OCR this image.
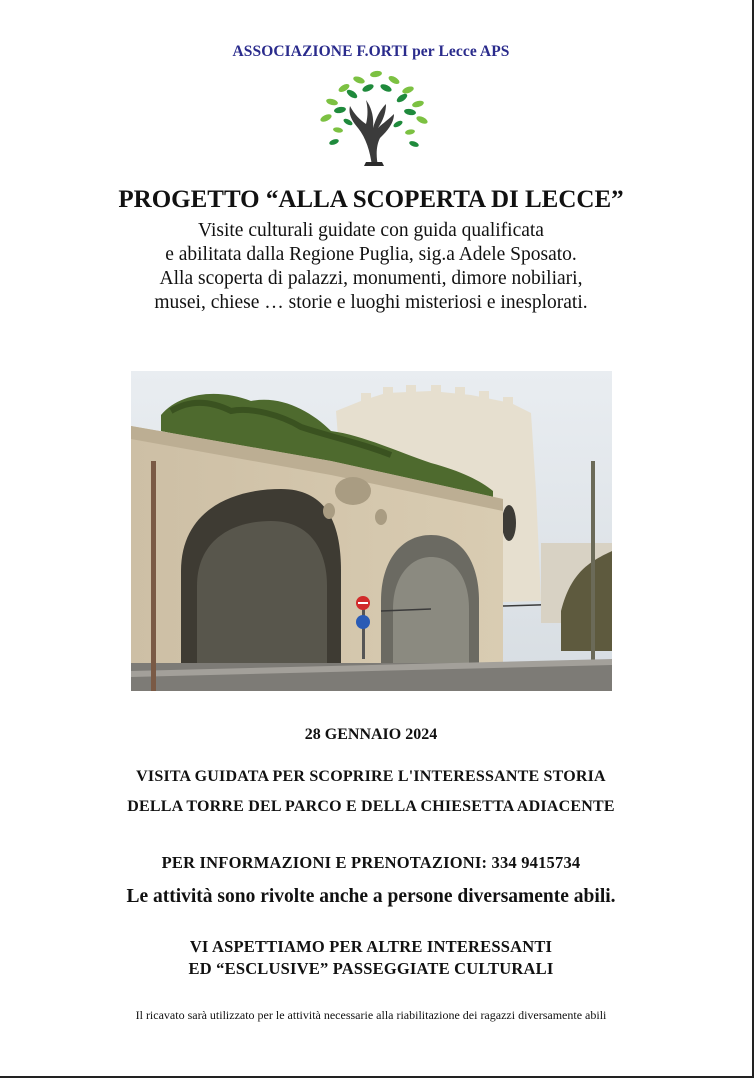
ASSOCIAZIONE F.ORTI per Lecce APS
PROGETTO “ALLA SCOPERTA DI LECCE”
Visite culturali guidate con guida qualificata
e abilitata dalla Regione Puglia, sig.a Adele Sposato.
Alla scoperta di palazzi, monumenti, dimore nobiliari,
musei, chiese … storie e luoghi misteriosi e inesplorati.
28 GENNAIO 2024
VISITA GUIDATA PER SCOPRIRE L'INTERESSANTE STORIA
DELLA TORRE DEL PARCO E DELLA CHIESETTA ADIACENTE
PER INFORMAZIONI E PRENOTAZIONI: 334 9415734
Le attività sono rivolte anche a persone diversamente abili.
VI ASPETTIAMO PER ALTRE INTERESSANTI
ED “ESCLUSIVE” PASSEGGIATE CULTURALI
Il ricavato sarà utilizzato per le attività necessarie alla riabilitazione dei ragazzi diversamente abili
